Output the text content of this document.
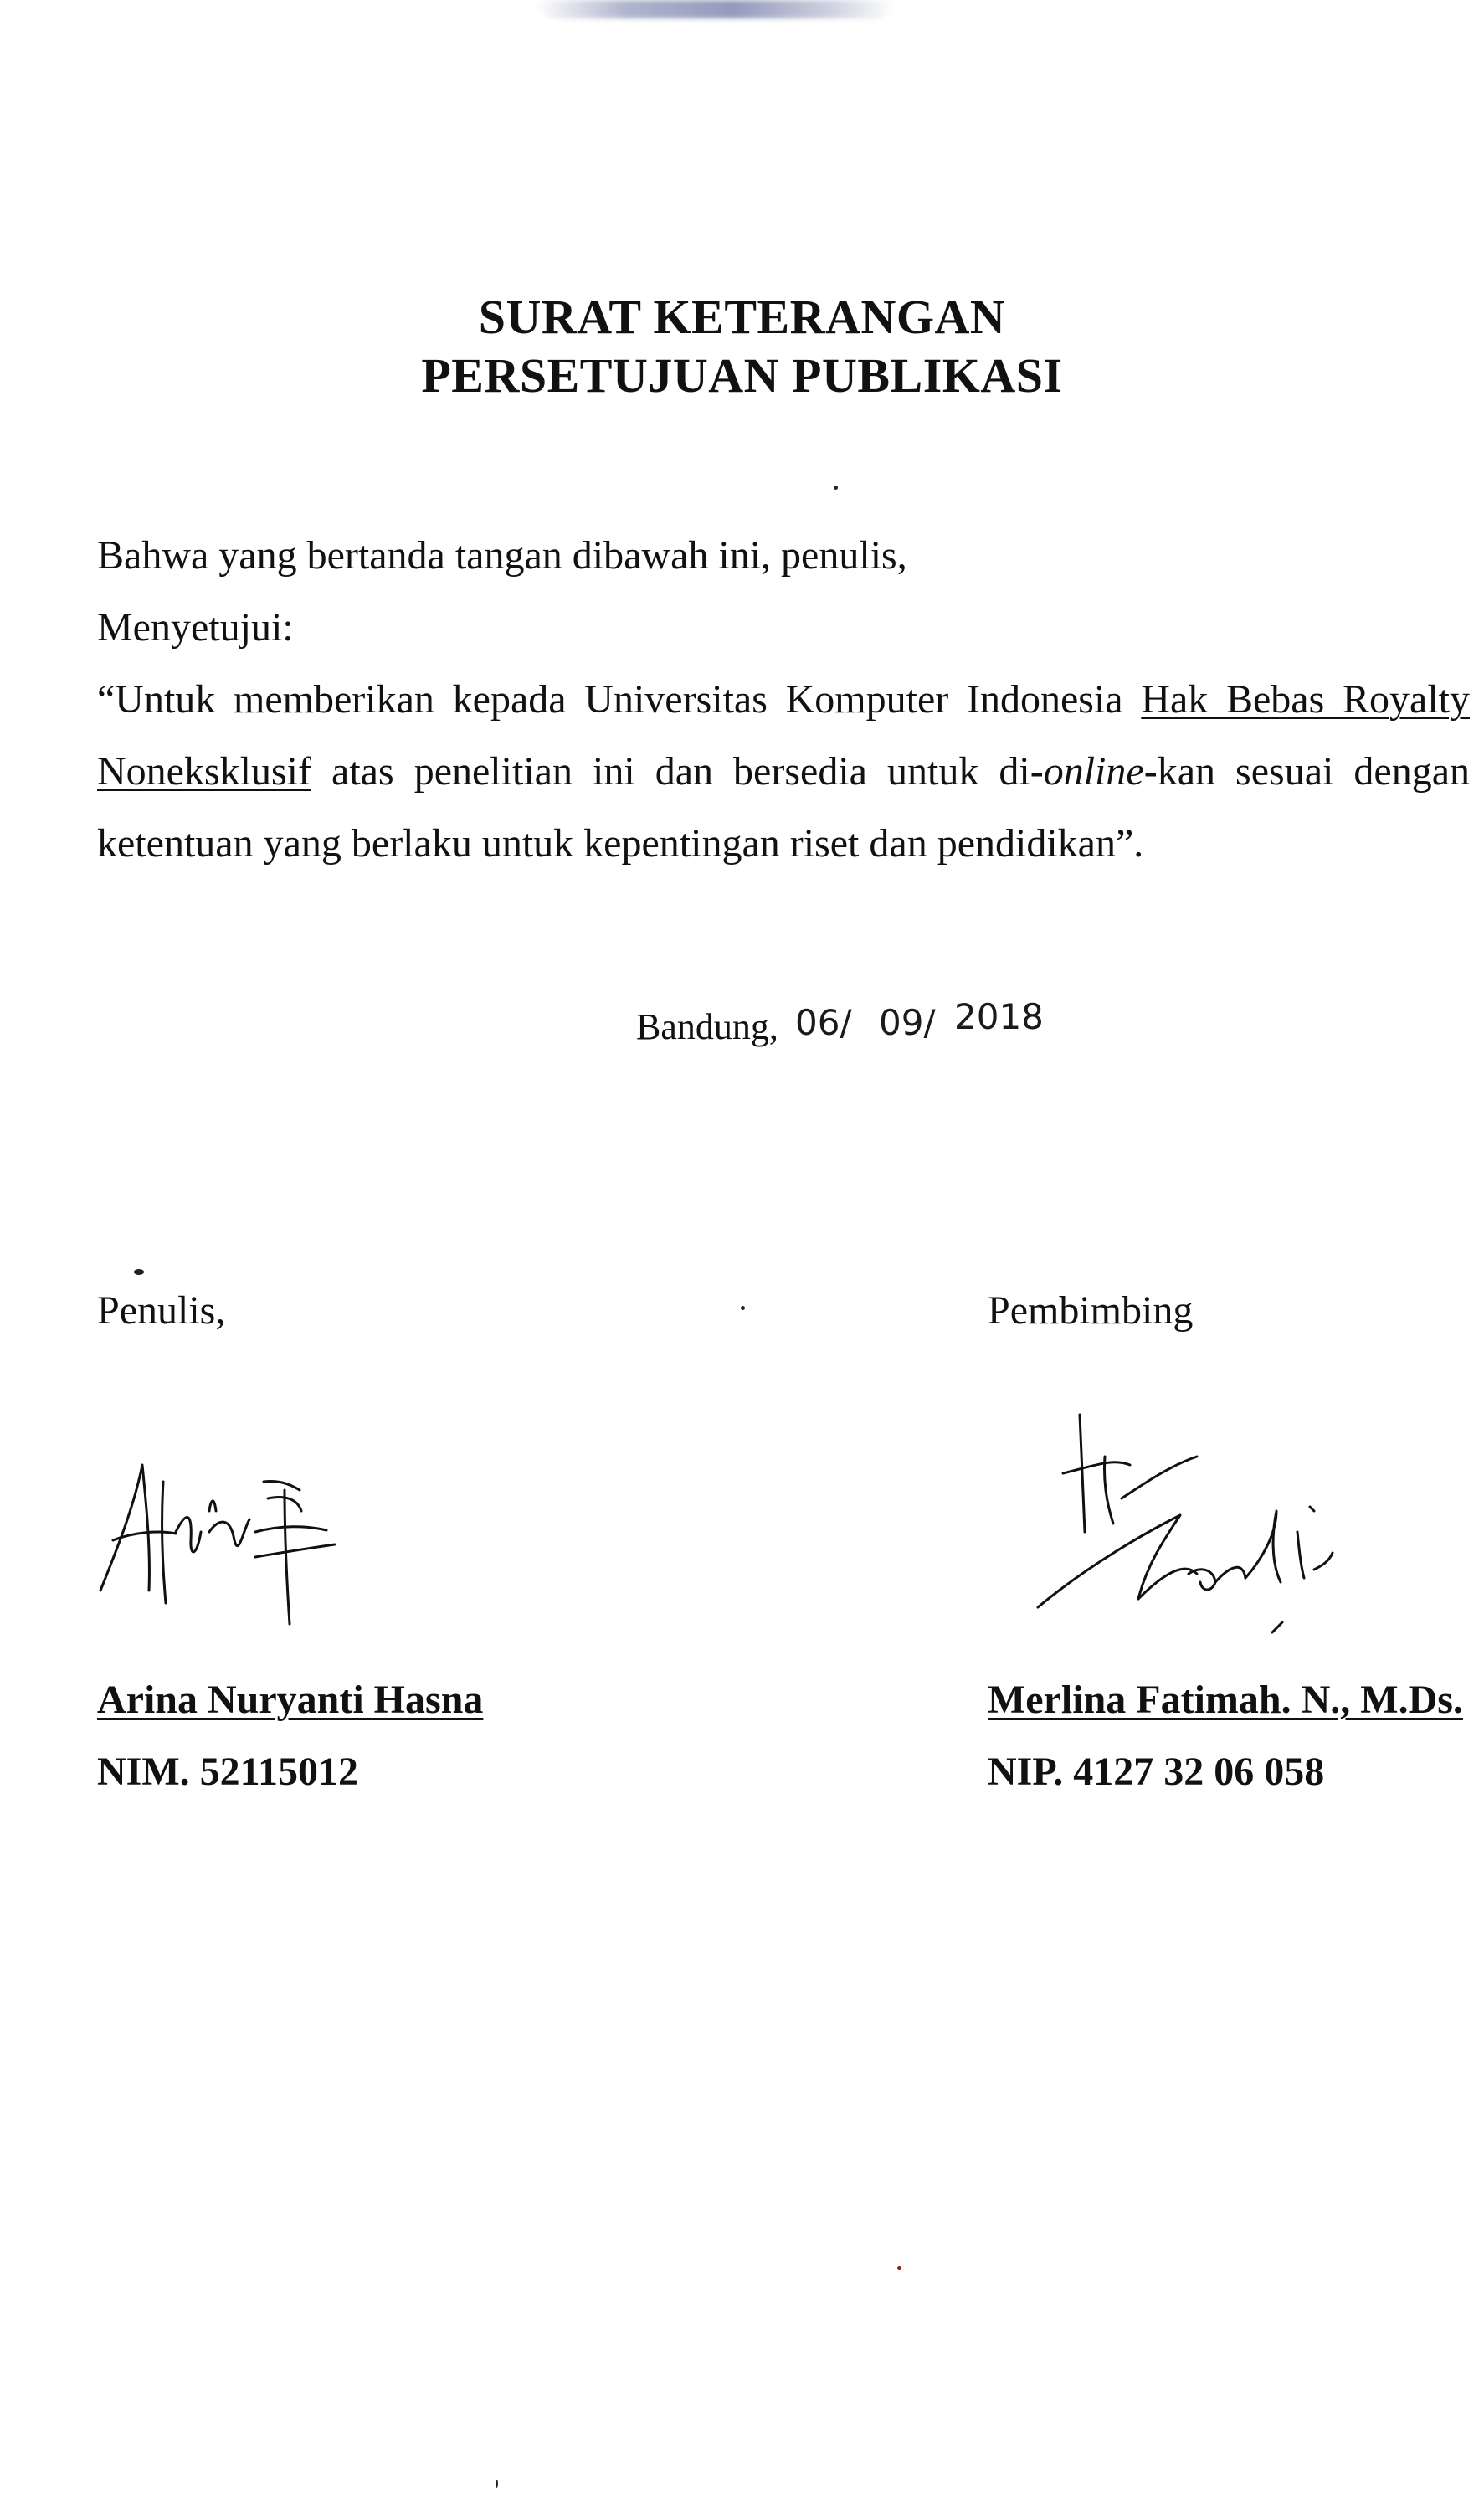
SURAT KETERANGAN
PERSETUJUAN PUBLIKASI
Bahwa yang bertanda tangan dibawah ini, penulis,
Menyetujui:
“Untuk memberikan kepada Universitas Komputer Indonesia Hak Bebas Royalty
Noneksklusif atas penelitian ini dan bersedia untuk di-online-kan sesuai dengan
ketentuan yang berlaku untuk kepentingan riset dan pendidikan”.
Bandung, 06/ 09/ 2018
Penulis,	Pembimbing
Arina Nuryanti Hasna	Merlina Fatimah. N., M.Ds.
NIM. 52115012	NIP. 4127 32 06 058
